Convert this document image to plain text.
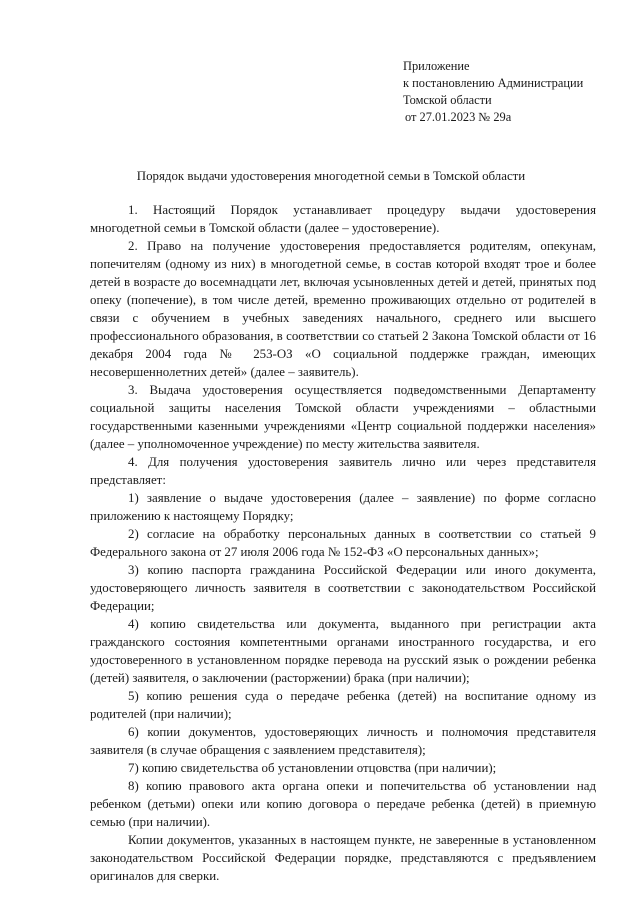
Приложение
к постановлению Администрации
Томской области
от 27.01.2023 № 29а
Порядок выдачи удостоверения многодетной семьи в Томской области

1. Настоящий Порядок устанавливает процедуру выдачи удостоверения многодетной семьи в Томской области (далее – удостоверение).

2. Право на получение удостоверения предоставляется родителям, опекунам, попечителям (одному из них) в многодетной семье, в состав которой входят трое и более детей в возрасте до восемнадцати лет, включая усыновленных детей и детей, принятых под опеку (попечение), в том числе детей, временно проживающих отдельно от родителей в связи с обучением в учебных заведениях начального, среднего или высшего профессионального образования, в соответствии со статьей 2 Закона Томской области от 16 декабря 2004 года № 253-ОЗ «О социальной поддержке граждан, имеющих несовершеннолетних детей» (далее – заявитель).

3. Выдача удостоверения осуществляется подведомственными Департаменту социальной защиты населения Томской области учреждениями – областными государственными казенными учреждениями «Центр социальной поддержки населения» (далее – уполномоченное учреждение) по месту жительства заявителя.

4. Для получения удостоверения заявитель лично или через представителя представляет:

1) заявление о выдаче удостоверения (далее – заявление) по форме согласно приложению к настоящему Порядку;

2) согласие на обработку персональных данных в соответствии со статьей 9 Федерального закона от 27 июля 2006 года № 152-ФЗ «О персональных данных»;

3) копию паспорта гражданина Российской Федерации или иного документа, удостоверяющего личность заявителя в соответствии с законодательством Российской Федерации;

4) копию свидетельства или документа, выданного при регистрации акта гражданского состояния компетентными органами иностранного государства, и его удостоверенного в установленном порядке перевода на русский язык о рождении ребенка (детей) заявителя, о заключении (расторжении) брака (при наличии);

5) копию решения суда о передаче ребенка (детей) на воспитание одному из родителей (при наличии);

6) копии документов, удостоверяющих личность и полномочия представителя заявителя (в случае обращения с заявлением представителя);

7) копию свидетельства об установлении отцовства (при наличии);

8) копию правового акта органа опеки и попечительства об установлении над ребенком (детьми) опеки или копию договора о передаче ребенка (детей) в приемную семью (при наличии).

Копии документов, указанных в настоящем пункте, не заверенные в установленном законодательством Российской Федерации порядке, представляются с предъявлением оригиналов для сверки.
